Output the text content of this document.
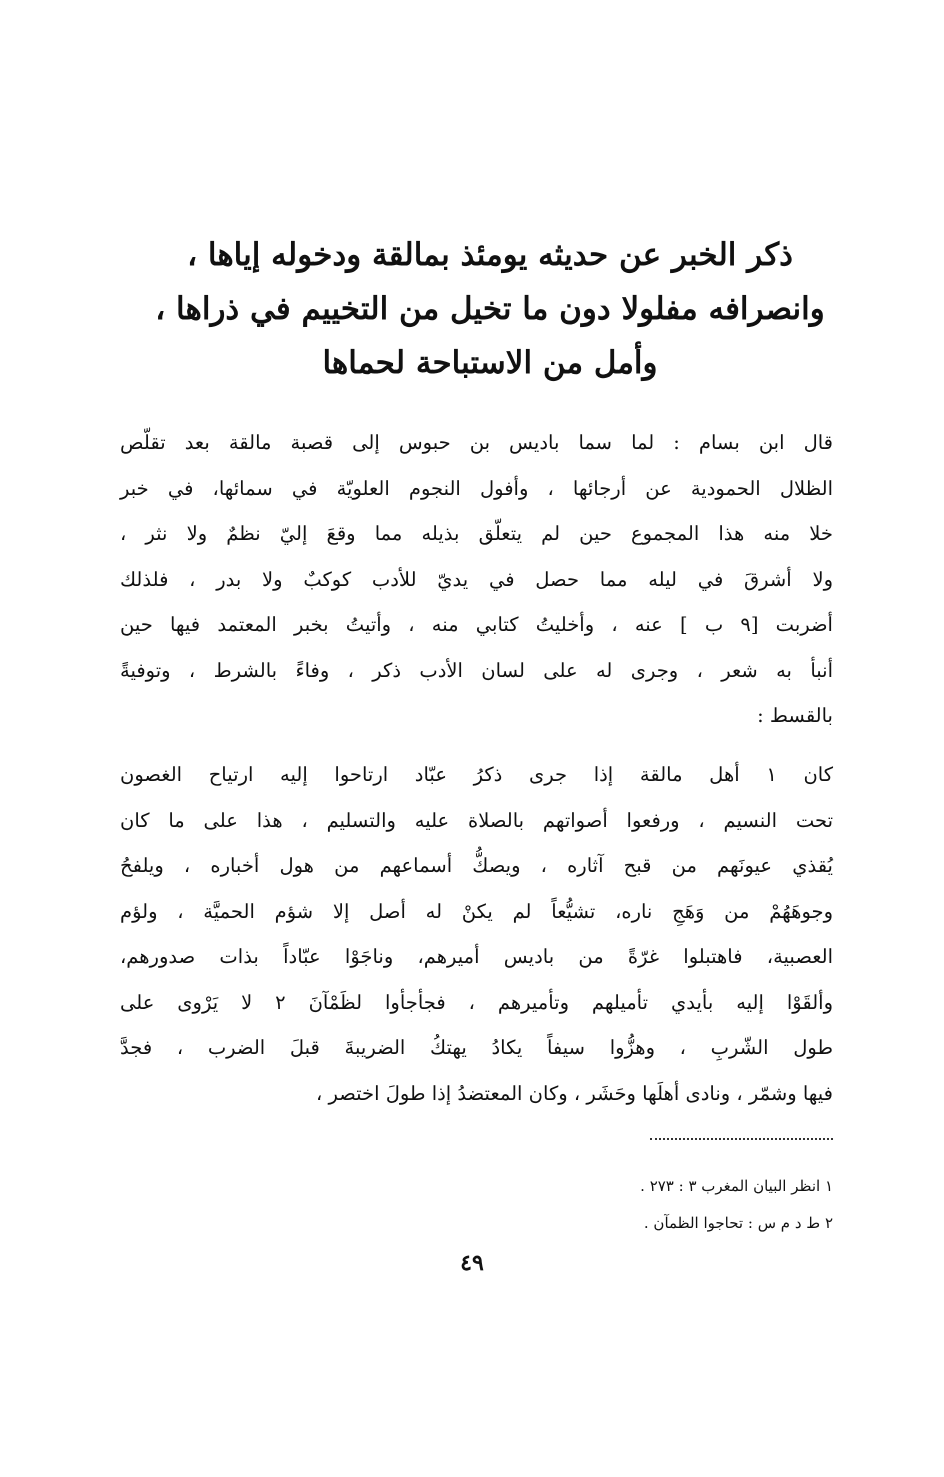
ذكر الخبر عن حديثه يومئذ بمالقة ودخوله إياها ،
وانصرافه مفلولا دون ما تخيل من التخييم في ذراها ،
وأمل من الاستباحة لحماها
قال ابن بسام : لما سما باديس بن حبوس إلى قصبة مالقة بعد تقلّص
الظلال الحمودية عن أرجائها ، وأفول النجوم العلويّة في سمائها، في خبر
خلا منه هذا المجموع حين لم يتعلّق بذيله مما وقعَ إليّ نظمٌ ولا نثر ،
ولا أشرقَ في ليله مما حصل في يديّ للأدب كوكبٌ ولا بدر ، فلذلك
أضربت [٩ ب ] عنه ، وأخليتُ كتابي منه ، وأتيتُ بخبر المعتمد فيها حين
أنبأ به شعر ، وجرى له على لسان الأدب ذكر ، وفاءً بالشرط ، وتوفيةً
بالقسط :
كان ١ أهل مالقة إذا جرى ذكرُ عبّاد ارتاحوا إليه ارتياح الغصون
تحت النسيم ، ورفعوا أصواتهم بالصلاة عليه والتسليم ، هذا على ما كان
يُقذي عيونَهم من قبح آثاره ، ويصكُّ أسماعهم من هول أخباره ، ويلفحُ
وجوهَهُمْ من وَهَجِ ناره، تشيُّعاً لم يكنْ له أصل إلا شؤم الحميَّة ، ولؤم
العصبية، فاهتبلوا غرّةً من باديس أميرهم، وناجَوْا عبّاداً بذات صدورهم،
وألقَوْا إليه بأيدي تأميلهم وتأميرهم ، فجأجأوا لظَمْآنَ ٢ لا يَرْوى على
طول الشّربِ ، وهزُّوا سيفاً يكادُ يهتكُ الضريبةَ قبلَ الضرب ، فجدَّ
فيها وشمّر ، ونادى أهلَها وحَشَر ، وكان المعتضدُ إذا طولَ اختصر ،
١ انظر البيان المغرب ٣ : ٢٧٣ .
٢ ط د م س : تحاجوا الظمآن .
٤٩
